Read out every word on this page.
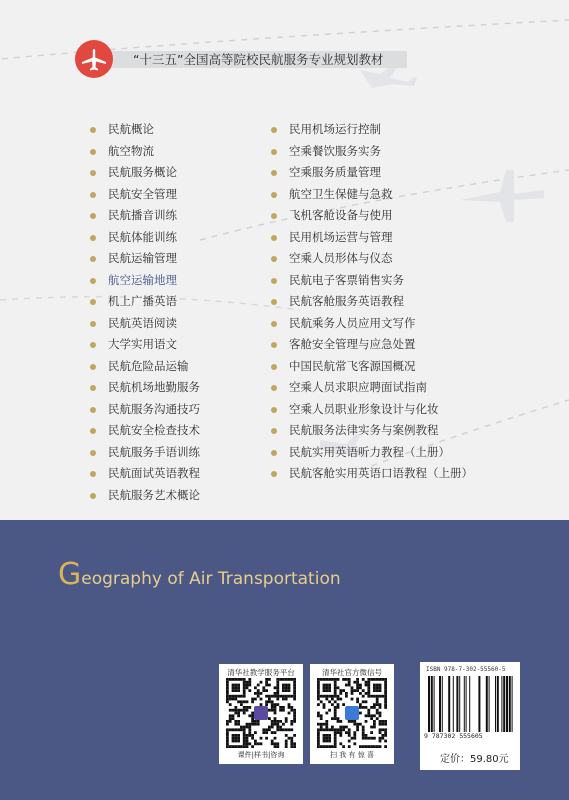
“十三五”全国高等院校民航服务专业规划教材
民航概论
航空物流
民航服务概论
民航安全管理
民航播音训练
民航体能训练
民航运输管理
航空运输地理
机上广播英语
民航英语阅读
大学实用语文
民航危险品运输
民航机场地勤服务
民航服务沟通技巧
民航安全检查技术
民航服务手语训练
民航面试英语教程
民航服务艺术概论
民用机场运行控制
空乘餐饮服务实务
空乘服务质量管理
航空卫生保健与急救
飞机客舱设备与使用
民用机场运营与管理
空乘人员形体与仪态
民航电子客票销售实务
民航客舱服务英语教程
民航乘务人员应用文写作
客舱安全管理与应急处置
中国民航常飞客源国概况
空乘人员求职应聘面试指南
空乘人员职业形象设计与化妆
民航服务法律实务与案例教程
民航实用英语听力教程（上册）
民航客舱实用英语口语教程（上册）
Geography of Air Transportation
清华社教学服务平台
课件|样书|咨询
清华社官方微信号
扫 我 有 惊 喜
ISBN 978-7-302-55560-5
9 787302 555605
定价：59.80元
